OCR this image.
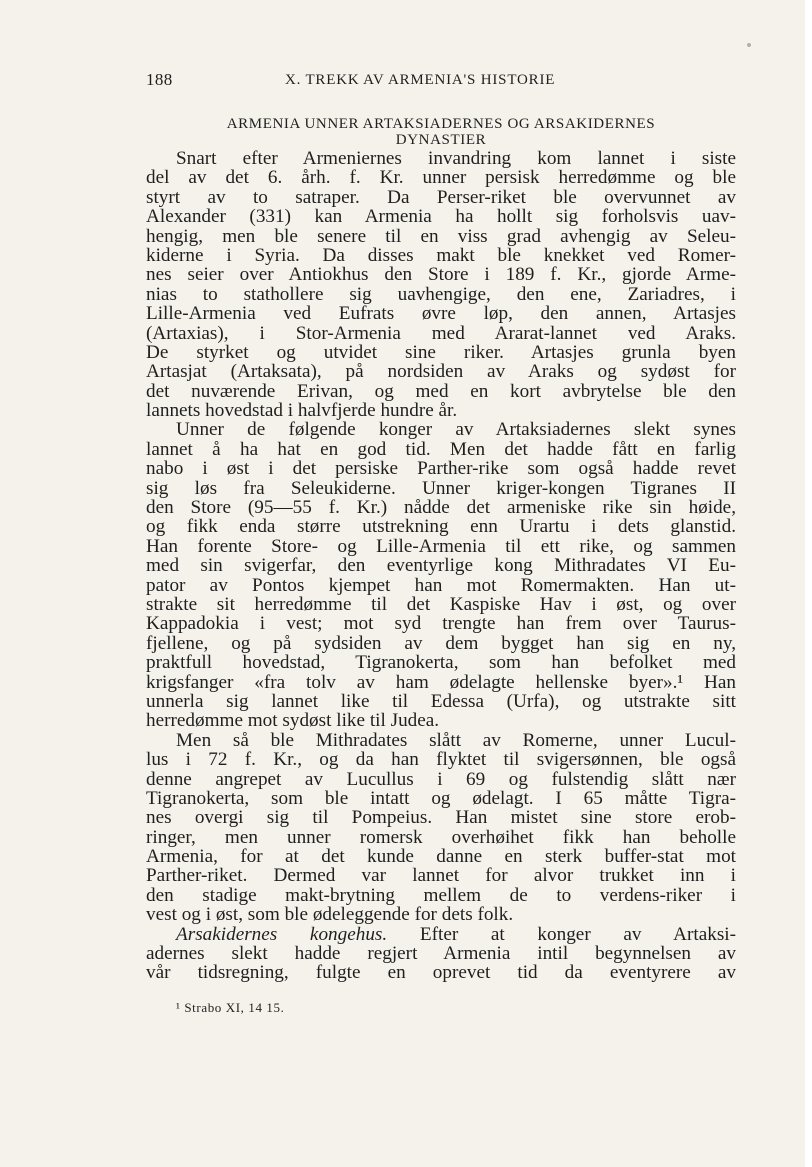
188	X. TREKK AV ARMENIA'S HISTORIE
ARMENIA UNNER ARTAKSIADERNES OG ARSAKIDERNES
DYNASTIER
Snart efter Armeniernes invandring kom lannet i siste
del av det 6. årh. f. Kr. unner persisk herredømme og ble
styrt av to satraper. Da Perser-riket ble overvunnet av
Alexander (331) kan Armenia ha hollt sig forholsvis uav-
hengig, men ble senere til en viss grad avhengig av Seleu-
kiderne i Syria. Da disses makt ble knekket ved Romer-
nes seier over Antiokhus den Store i 189 f. Kr., gjorde Arme-
nias to stathollere sig uavhengige, den ene, Zariadres, i
Lille-Armenia ved Eufrats øvre løp, den annen, Artasjes
(Artaxias), i Stor-Armenia med Ararat-lannet ved Araks.
De styrket og utvidet sine riker. Artasjes grunla byen
Artasjat (Artaksata), på nordsiden av Araks og sydøst for
det nuværende Erivan, og med en kort avbrytelse ble den
lannets hovedstad i halvfjerde hundre år.
Unner de følgende konger av Artaksiadernes slekt synes
lannet å ha hat en god tid. Men det hadde fått en farlig
nabo i øst i det persiske Parther-rike som også hadde revet
sig løs fra Seleukiderne. Unner kriger-kongen Tigranes II
den Store (95—55 f. Kr.) nådde det armeniske rike sin høide,
og fikk enda større utstrekning enn Urartu i dets glanstid.
Han forente Store- og Lille-Armenia til ett rike, og sammen
med sin svigerfar, den eventyrlige kong Mithradates VI Eu-
pator av Pontos kjempet han mot Romermakten. Han ut-
strakte sit herredømme til det Kaspiske Hav i øst, og over
Kappadokia i vest; mot syd trengte han frem over Taurus-
fjellene, og på sydsiden av dem bygget han sig en ny,
praktfull hovedstad, Tigranokerta, som han befolket med
krigsfanger «fra tolv av ham ødelagte hellenske byer».¹ Han
unnerla sig lannet like til Edessa (Urfa), og utstrakte sitt
herredømme mot sydøst like til Judea.
Men så ble Mithradates slått av Romerne, unner Lucul-
lus i 72 f. Kr., og da han flyktet til svigersønnen, ble også
denne angrepet av Lucullus i 69 og fulstendig slått nær
Tigranokerta, som ble intatt og ødelagt. I 65 måtte Tigra-
nes overgi sig til Pompeius. Han mistet sine store erob-
ringer, men unner romersk overhøihet fikk han beholle
Armenia, for at det kunde danne en sterk buffer-stat mot
Parther-riket. Dermed var lannet for alvor trukket inn i
den stadige makt-brytning mellem de to verdens-riker i
vest og i øst, som ble ødeleggende for dets folk.
Arsakidernes kongehus. Efter at konger av Artaksi-
adernes slekt hadde regjert Armenia intil begynnelsen av
vår tidsregning, fulgte en oprevet tid da eventyrere av
¹ Strabo XI, 14 15.
